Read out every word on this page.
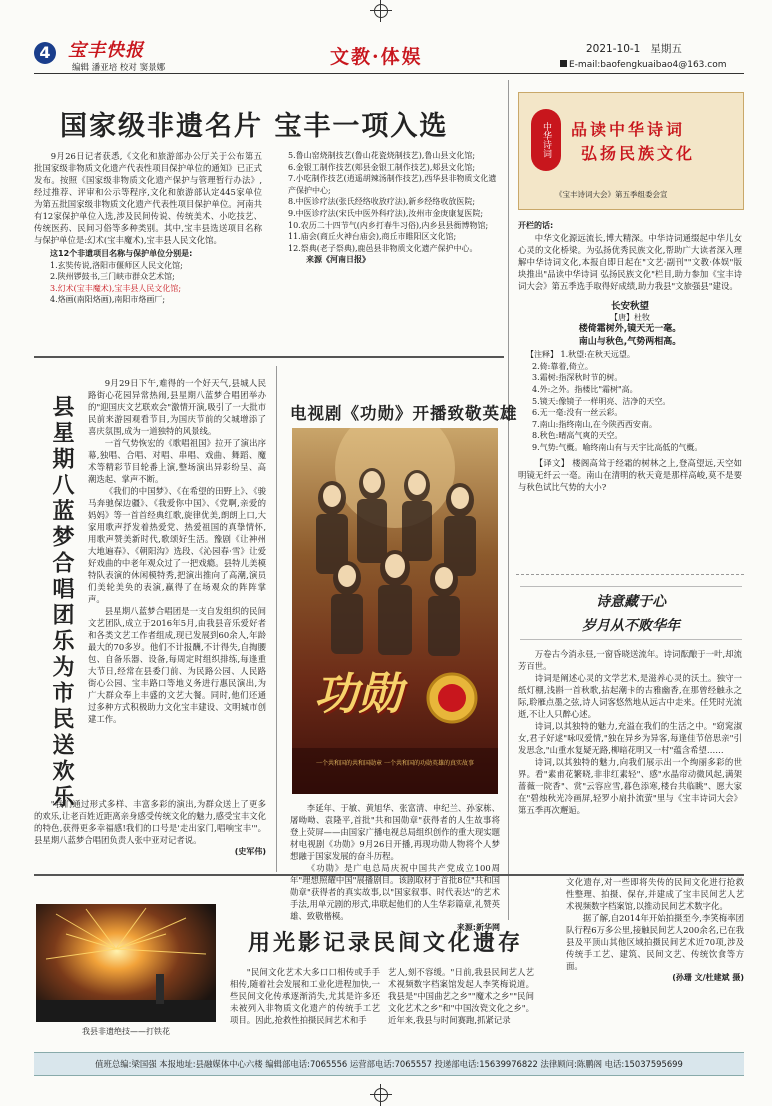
4 宝丰快报
编辑 潘亚培 校对 窦景娜	文教·体娱	2021-10-1 星期五
E-mail:baofengkuaibao4@163.com
国家级非遗名片 宝丰一项入选

9月26日记者获悉,《文化和旅游部办公厅关于公布第五批国家级非物质文化遗产代表性项目保护单位的通知》已正式发布。按照《国家级非物质文化遗产保护与管理暂行办法》,经过推荐、评审和公示等程序,文化和旅游部认定445家单位为第五批国家级非物质文化遗产代表性项目保护单位。河南共有12家保护单位入选,涉及民间传说、传统美术、小吃技艺、传统医药、民间习俗等多种类别。其中,宝丰县选送项目名称与保护单位是:幻术(宝丰魔术),宝丰县人民文化馆。

这12个非遗项目名称与保护单位分别是:
1.玄奘传说,洛阳市偃师区人民文化馆;
2.陕州锣鼓书,三门峡市群众艺术馆;
3.幻术(宝丰魔术),宝丰县人民文化馆;
4.烙画(南阳烙画),南阳市烙画厂;
5.鲁山窑烧制技艺(鲁山花瓷烧制技艺),鲁山县文化馆;
6.金银工制作技艺(郏县金银工制作技艺),郏县文化馆;
7.小吃制作技艺(逍遥胡辣汤制作技艺),西华县非物质文化遗产保护中心;
8.中医诊疗法(张氏经络收放疗法),新乡经络收放医院;
9.中医诊疗法(宋氏中医外科疗法),汝州市金庚康复医院;
10.农历二十四节气(内乡打春牛习俗),内乡县县衙博物馆;
11.庙会(商丘火神台庙会),商丘市睢阳区文化馆;
12.祭典(老子祭典),鹿邑县非物质文化遗产保护中心。 来源《河南日报》
县星期八蓝梦合唱团乐为市民送欢乐

9月29日下午,难得的一个好天气,县城人民路街心花园异常热闹,县星期八蓝梦合唱团举办的"迎国庆文艺联欢会"激情开演,吸引了一大批市民前来游园观看节目,为国庆节前的父城增添了喜庆氛围,成为一道独特的风景线。

一首气势恢宏的《歌唱祖国》拉开了演出序幕,独唱、合唱、对唱、串唱、戏曲、舞蹈、魔术等精彩节目轮番上演,整场演出异彩纷呈、高潮迭起、掌声不断。

《我们的中国梦》、《在希望的田野上》、《骏马奔驰保边疆》、《我爱你中国》、《党啊,亲爱的妈妈》等一首首经典红歌,旋律优美,朗朗上口,大家用歌声抒发着热爱党、热爱祖国的真挚情怀,用歌声赞美新时代,歌颂好生活。豫剧《让神州大地遍春》、《朝阳沟》选段、《沁园春·雪》让爱好戏曲的中老年观众过了一把戏瘾。县特儿美模特队表演的休闲模特秀,把演出推向了高潮,演员们美轮美奂的表演,赢得了在场观众的阵阵掌声。

县星期八蓝梦合唱团是一支自发组织的民间文艺团队,成立于2016年5月,由我县音乐爱好者和各类文艺工作者组成,现已发展到60余人,年龄最大的70多岁。他们不计报酬,不计得失,自掏腰包、自备乐器、设备,每周定时组织排练,每逢重大节日,经常在县委门前、为民路公园、人民路街心公园、宝丰路口等地义务进行惠民演出,为广大群众奉上丰盛的文艺大餐。同时,他们还通过多种方式积极助力文化宝丰建设、文明城市创建工作。

"我们通过形式多样、丰富多彩的演出,为群众送上了更多的欢乐,让老百姓近距离亲身感受传统文化的魅力,感受宝丰文化的特色,获得更多幸福感!我们的口号是'走出家门,唱响宝丰'"。县星期八蓝梦合唱团负责人张中亚对记者说。

(史军伟)
电视剧《功勋》开播致敬英雄
功勋
一个共和国的共和国勋章 一个共和国的功勋英雄的真实故事

李延年、于敏、黄旭华、张富清、申纪兰、孙家栋、屠呦呦、袁隆平,首批"共和国勋章"获得者的人生故事将登上荧屏——由国家广播电视总局组织创作的重大现实题材电视剧《功勋》9月26日开播,再现功勋人物将个人梦想融于国家发展的奋斗历程。

《功勋》是广电总局庆祝中国共产党成立100周年"理想照耀中国"展播剧目。该剧取材于首批8位"共和国勋章"获得者的真实故事,以"国家叙事、时代表达"的艺术手法,用单元剧的形式,串联起他们的人生华彩篇章,礼赞英雄、致敬楷模。

来源:新华网
中华诗词	品读中华诗词
弘扬民族文化
《宝丰诗词大会》第五季组委会宣
开栏的话:

中华文化源远流长,博大精深。中华诗词通缀起中华儿女心灵的文化桥梁。为弘扬优秀民族文化,帮助广大读者深入理解中华诗词文化,本报自即日起在"文艺·副刊""文教·体娱"版块推出"品读中华诗词 弘扬民族文化"栏目,助力参加《宝丰诗词大会》第五季选手取得好成绩,助力我县"文旅强县"建设。

长安秋望
【唐】杜牧
楼倚霜树外,镜天无一毫。
南山与秋色,气势两相高。
【注释】 1.秋望:在秋天远望。
2.倚:靠着,倚立。
3.霜树:指深秋时节的树。
4.外:之外。指楼比"霜树"高。
5.镜天:像镜子一样明亮、洁净的天空。
6.无一毫:没有一丝云彩。
7.南山:指终南山,在今陕西西安南。
8.秋色:晴高气爽的天空。
9.气势:气概。喻终南山有与天宇比高低的气概。

【译文】 楼阁高耸于经霜的树林之上,登高望远,天空如明镜无纤云一毫。南山在清明的秋天竟是那样高峻,莫不是要与秋色试比气势的大小?

诗意藏于心
岁月从不败华年

万卷古今消永昼,一窗昏晓送流年。诗词酝酿于一叶,却流芳百世。

诗词是阐述心灵的文学艺术,是滋养心灵的沃土。独守一纸灯棚,浅斟一首秋歌,拈起潮卡的古雅幽香,在那曾经触永之际,聆雁点墨之弦,诗人词客悠然地从远古中走来。任凭时光流逝,不让人只醉心述。

诗词,以其独特的魅力,充溢在我们的生活之中。"窈窕淑女,君子好逑"咏叹爱情,"独在异乡为异客,每逢佳节倍思亲"引发思念,"山重水复疑无路,柳暗花明又一村"蕴含希望……

诗词,以其独特的魅力,向我们展示出一个绚丽多彩的世界。看"素甫花繁晓,非非红素轻"、感"水晶帘动微风起,满架蔷薇一院香"、赏"云容应雪,暮色添寒,楼台共临眺"、愿大家在"碧烛秋光冷画屏,轻罗小扇扑流萤"里与《宝丰诗词大会》第五季再次邂逅。

我县非遗绝技——打铁花
用光影记录民间文化遗存

"民间文化艺术大多口口相传或手手相传,随着社会发展和工业化进程加快,一些民间文化传承逐渐消失,尤其是许多还未被列入非物质文化遗产的传统手工艺项目。因此,抢救性拍摄民间艺术和手

艺人,刻不容缓。"日前,我县民间艺人艺术视频数字档案馆发起人李笑梅说道。我县是"中国曲艺之乡""魔术之乡""民间文化艺术之乡"和"中国汝瓷文化之乡"。近年来,我县与时间赛跑,抓紧记录

文化遗存,对一些即将失传的民间文化进行抢救性整理、拍摄、保存,并建成了宝丰民间艺人艺术视频数字档案馆,以推动民间艺术数字化。

据了解,自2014年开始拍摄至今,李笑梅率团队行程6万多公里,接触民间艺人200余名,已在我县及平顶山其他区域拍摄民间艺术近70项,涉及传统手工艺、建筑、民间文艺、传统饮食等方面。

(孙珊 文/杜建斌 摄)
值班总编:梁国强 本报地址:县融媒体中心六楼 编辑部电话:7065556 运营部电话:7065557 投递部电话:15639976822 法律顾问:陈鹏阁 电话:15037595699
